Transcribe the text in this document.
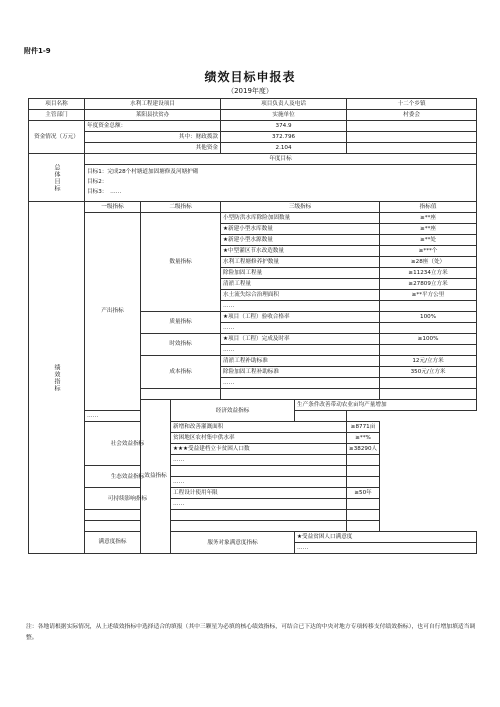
附件1-9
绩效目标申报表
（2019年度）
项目名称	水利工程建设项目			项目负责人及电话		十二个乡镇		
主管部门	莱阳县扶贫办			实施单位		村委会		
资金情况（万元）	年度资金总额：			374.9				
	其中：财政拨款			372.796				
	其他资金			2.104				
总体目标	年度目标							

	目标1：完成28个村塘道加固塘修及河塘护砌
目标2：
目标3：　……							

绩效指标	一级指标	二级指标		三级指标			指标值	
	产出指标	数量指标		小型防洪水库除险加固数量			≥**座	
				★新建小型水库数量			≥**座	
				★新建小型水源数量			≥**处	
				★中型灌区节水改造数量			≥***个	
				水利工程塘修养护数量			≥28座（处）	
				除险加固工程量			≥11234立方米	
				清淤工程量			≥27809立方米	
				水土流失综合治理面积			≥**平方公里	
				……				
		质量指标		★项目（工程）验收合格率			100%	
				……				
		时效指标		★项目（工程）完成及时率			≥100%	
				……				
		成本指标		清淤工程补助标准			12元/立方米	
				除险加固工程补助标准			350元/立方米	
				……				

		效益指标	经济效益指标		生产条件改善带动农业亩均产量增加	
	……							
	社会效益指标		新增和改善灌溉面积			≥8771亩		
			贫困地区农村集中供水率			≥**%		
			★★★受益建档立卡贫困人口数			≥38290人		
			……					
	生态效益指标							
			……					
	可持续影响指标		工程设计使用年限			≥50年		
			……					

	满意度指标		服务对象满意度指标		★受益贫困人口满意度	
					……			
注：各地请根据实际情况，从上述绩效指标中选择适合的填报（其中三颗星为必填的核心绩效指标，可结合已下达的中央对地方专项转移支付绩效指标），也可自行增加填适当调整。
